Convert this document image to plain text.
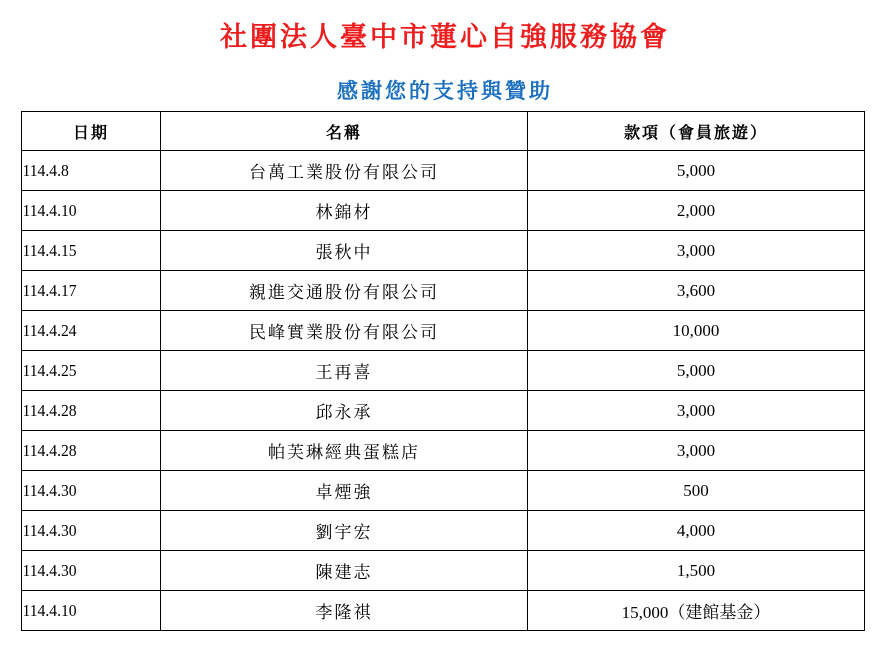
社團法人臺中市蓮心自強服務協會
感謝您的支持與贊助
日期	名稱	款項（會員旅遊）
114.4.8	台萬工業股份有限公司	5,000
114.4.10	林錦材	2,000
114.4.15	張秋中	3,000
114.4.17	親進交通股份有限公司	3,600
114.4.24	民峰實業股份有限公司	10,000
114.4.25	王再喜	5,000
114.4.28	邱永承	3,000
114.4.28	帕芙琳經典蛋糕店	3,000
114.4.30	卓煙強	500
114.4.30	劉宇宏	4,000
114.4.30	陳建志	1,500
114.4.10	李隆祺	15,000（建館基金）
